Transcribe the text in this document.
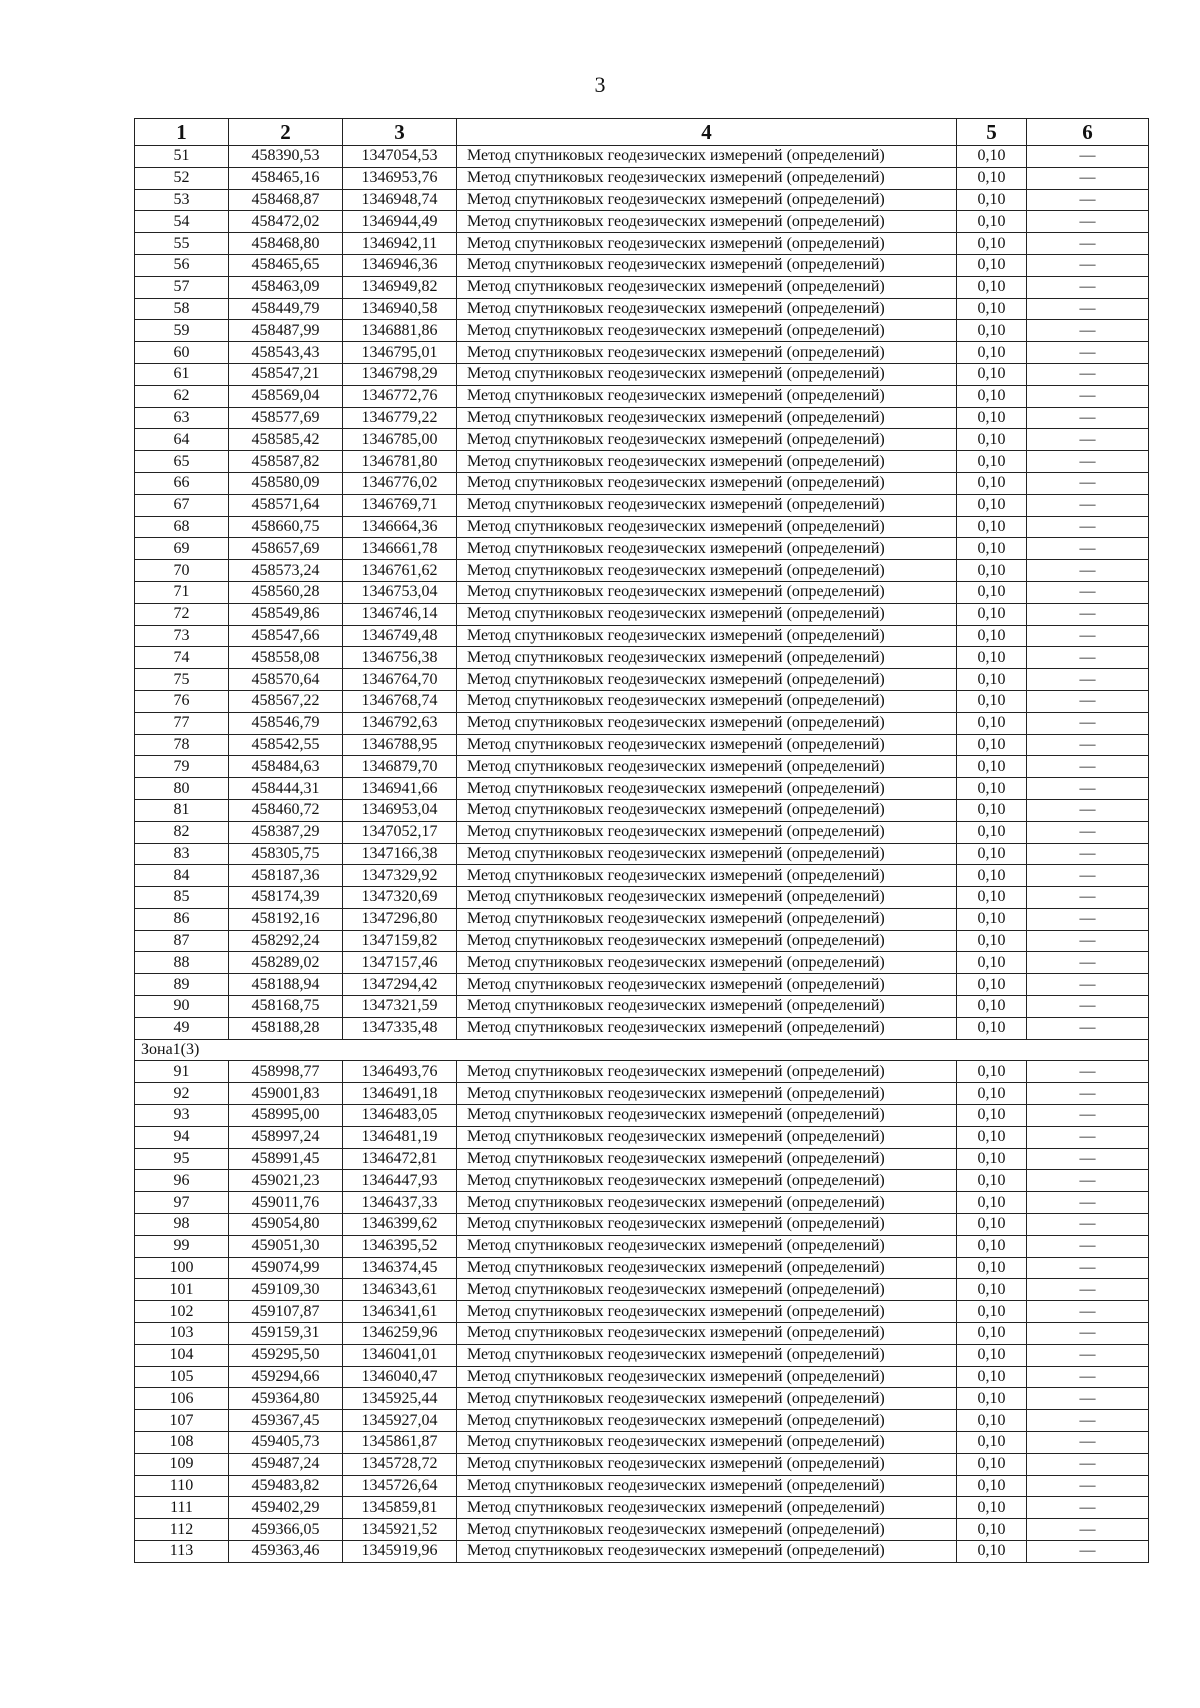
3
1	2	3	4	5	6
51	458390,53	1347054,53	Метод спутниковых геодезических измерений (определений)	0,10	—
52	458465,16	1346953,76	Метод спутниковых геодезических измерений (определений)	0,10	—
53	458468,87	1346948,74	Метод спутниковых геодезических измерений (определений)	0,10	—
54	458472,02	1346944,49	Метод спутниковых геодезических измерений (определений)	0,10	—
55	458468,80	1346942,11	Метод спутниковых геодезических измерений (определений)	0,10	—
56	458465,65	1346946,36	Метод спутниковых геодезических измерений (определений)	0,10	—
57	458463,09	1346949,82	Метод спутниковых геодезических измерений (определений)	0,10	—
58	458449,79	1346940,58	Метод спутниковых геодезических измерений (определений)	0,10	—
59	458487,99	1346881,86	Метод спутниковых геодезических измерений (определений)	0,10	—
60	458543,43	1346795,01	Метод спутниковых геодезических измерений (определений)	0,10	—
61	458547,21	1346798,29	Метод спутниковых геодезических измерений (определений)	0,10	—
62	458569,04	1346772,76	Метод спутниковых геодезических измерений (определений)	0,10	—
63	458577,69	1346779,22	Метод спутниковых геодезических измерений (определений)	0,10	—
64	458585,42	1346785,00	Метод спутниковых геодезических измерений (определений)	0,10	—
65	458587,82	1346781,80	Метод спутниковых геодезических измерений (определений)	0,10	—
66	458580,09	1346776,02	Метод спутниковых геодезических измерений (определений)	0,10	—
67	458571,64	1346769,71	Метод спутниковых геодезических измерений (определений)	0,10	—
68	458660,75	1346664,36	Метод спутниковых геодезических измерений (определений)	0,10	—
69	458657,69	1346661,78	Метод спутниковых геодезических измерений (определений)	0,10	—
70	458573,24	1346761,62	Метод спутниковых геодезических измерений (определений)	0,10	—
71	458560,28	1346753,04	Метод спутниковых геодезических измерений (определений)	0,10	—
72	458549,86	1346746,14	Метод спутниковых геодезических измерений (определений)	0,10	—
73	458547,66	1346749,48	Метод спутниковых геодезических измерений (определений)	0,10	—
74	458558,08	1346756,38	Метод спутниковых геодезических измерений (определений)	0,10	—
75	458570,64	1346764,70	Метод спутниковых геодезических измерений (определений)	0,10	—
76	458567,22	1346768,74	Метод спутниковых геодезических измерений (определений)	0,10	—
77	458546,79	1346792,63	Метод спутниковых геодезических измерений (определений)	0,10	—
78	458542,55	1346788,95	Метод спутниковых геодезических измерений (определений)	0,10	—
79	458484,63	1346879,70	Метод спутниковых геодезических измерений (определений)	0,10	—
80	458444,31	1346941,66	Метод спутниковых геодезических измерений (определений)	0,10	—
81	458460,72	1346953,04	Метод спутниковых геодезических измерений (определений)	0,10	—
82	458387,29	1347052,17	Метод спутниковых геодезических измерений (определений)	0,10	—
83	458305,75	1347166,38	Метод спутниковых геодезических измерений (определений)	0,10	—
84	458187,36	1347329,92	Метод спутниковых геодезических измерений (определений)	0,10	—
85	458174,39	1347320,69	Метод спутниковых геодезических измерений (определений)	0,10	—
86	458192,16	1347296,80	Метод спутниковых геодезических измерений (определений)	0,10	—
87	458292,24	1347159,82	Метод спутниковых геодезических измерений (определений)	0,10	—
88	458289,02	1347157,46	Метод спутниковых геодезических измерений (определений)	0,10	—
89	458188,94	1347294,42	Метод спутниковых геодезических измерений (определений)	0,10	—
90	458168,75	1347321,59	Метод спутниковых геодезических измерений (определений)	0,10	—
49	458188,28	1347335,48	Метод спутниковых геодезических измерений (определений)	0,10	—
Зона1(3)					
91	458998,77	1346493,76	Метод спутниковых геодезических измерений (определений)	0,10	—
92	459001,83	1346491,18	Метод спутниковых геодезических измерений (определений)	0,10	—
93	458995,00	1346483,05	Метод спутниковых геодезических измерений (определений)	0,10	—
94	458997,24	1346481,19	Метод спутниковых геодезических измерений (определений)	0,10	—
95	458991,45	1346472,81	Метод спутниковых геодезических измерений (определений)	0,10	—
96	459021,23	1346447,93	Метод спутниковых геодезических измерений (определений)	0,10	—
97	459011,76	1346437,33	Метод спутниковых геодезических измерений (определений)	0,10	—
98	459054,80	1346399,62	Метод спутниковых геодезических измерений (определений)	0,10	—
99	459051,30	1346395,52	Метод спутниковых геодезических измерений (определений)	0,10	—
100	459074,99	1346374,45	Метод спутниковых геодезических измерений (определений)	0,10	—
101	459109,30	1346343,61	Метод спутниковых геодезических измерений (определений)	0,10	—
102	459107,87	1346341,61	Метод спутниковых геодезических измерений (определений)	0,10	—
103	459159,31	1346259,96	Метод спутниковых геодезических измерений (определений)	0,10	—
104	459295,50	1346041,01	Метод спутниковых геодезических измерений (определений)	0,10	—
105	459294,66	1346040,47	Метод спутниковых геодезических измерений (определений)	0,10	—
106	459364,80	1345925,44	Метод спутниковых геодезических измерений (определений)	0,10	—
107	459367,45	1345927,04	Метод спутниковых геодезических измерений (определений)	0,10	—
108	459405,73	1345861,87	Метод спутниковых геодезических измерений (определений)	0,10	—
109	459487,24	1345728,72	Метод спутниковых геодезических измерений (определений)	0,10	—
110	459483,82	1345726,64	Метод спутниковых геодезических измерений (определений)	0,10	—
111	459402,29	1345859,81	Метод спутниковых геодезических измерений (определений)	0,10	—
112	459366,05	1345921,52	Метод спутниковых геодезических измерений (определений)	0,10	—
113	459363,46	1345919,96	Метод спутниковых геодезических измерений (определений)	0,10	—
